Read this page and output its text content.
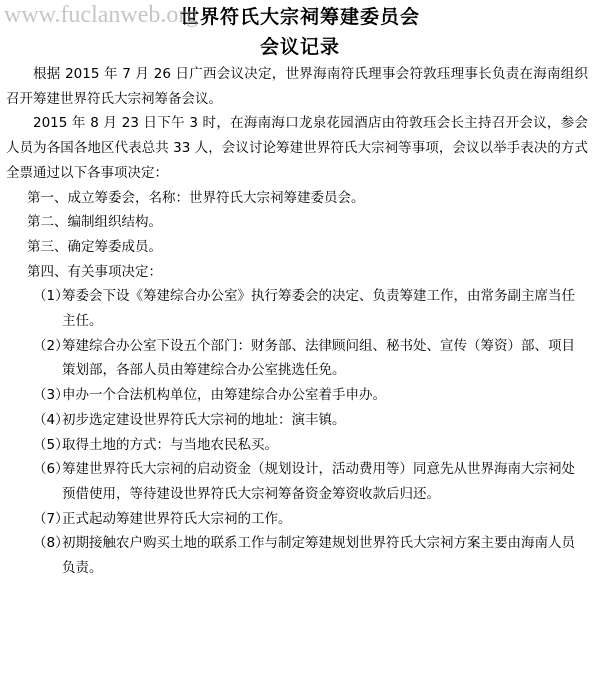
世界符氏大宗祠筹建委员会
www.fuclanweb.org
会议记录

根据 2015 年 7 月 26 日广西会议决定，世界海南符氏理事会符敦珏理事长负责在海南组织召开筹建世界符氏大宗祠筹备会议。

2015 年 8 月 23 日下午 3 时，在海南海口龙泉花园酒店由符敦珏会长主持召开会议，参会人员为各国各地区代表总共 33 人，会议讨论筹建世界符氏大宗祠等事项，会议以举手表决的方式全票通过以下各事项决定：

第一、成立筹委会，名称：世界符氏大宗祠筹建委员会。

第二、编制组织结构。

第三、确定筹委成员。

第四、有关事项决定：

（1）
筹委会下设《筹建综合办公室》执行筹委会的决定、负责筹建工作，由常务副主席当任主任。
（2）
筹建综合办公室下设五个部门：财务部、法律顾问组、秘书处、宣传（筹资）部、项目策划部，各部人员由筹建综合办公室挑选任免。
（3）
申办一个合法机构单位，由筹建综合办公室着手申办。
（4）
初步选定建设世界符氏大宗祠的地址：演丰镇。
（5）
取得土地的方式：与当地农民私买。
（6）
筹建世界符氏大宗祠的启动资金（规划设计，活动费用等）同意先从世界海南大宗祠处预借使用，等待建设世界符氏大宗祠筹备资金筹资收款后归还。
（7）
正式起动筹建世界符氏大宗祠的工作。
（8）
初期接触农户购买土地的联系工作与制定筹建规划世界符氏大宗祠方案主要由海南人员负责。
